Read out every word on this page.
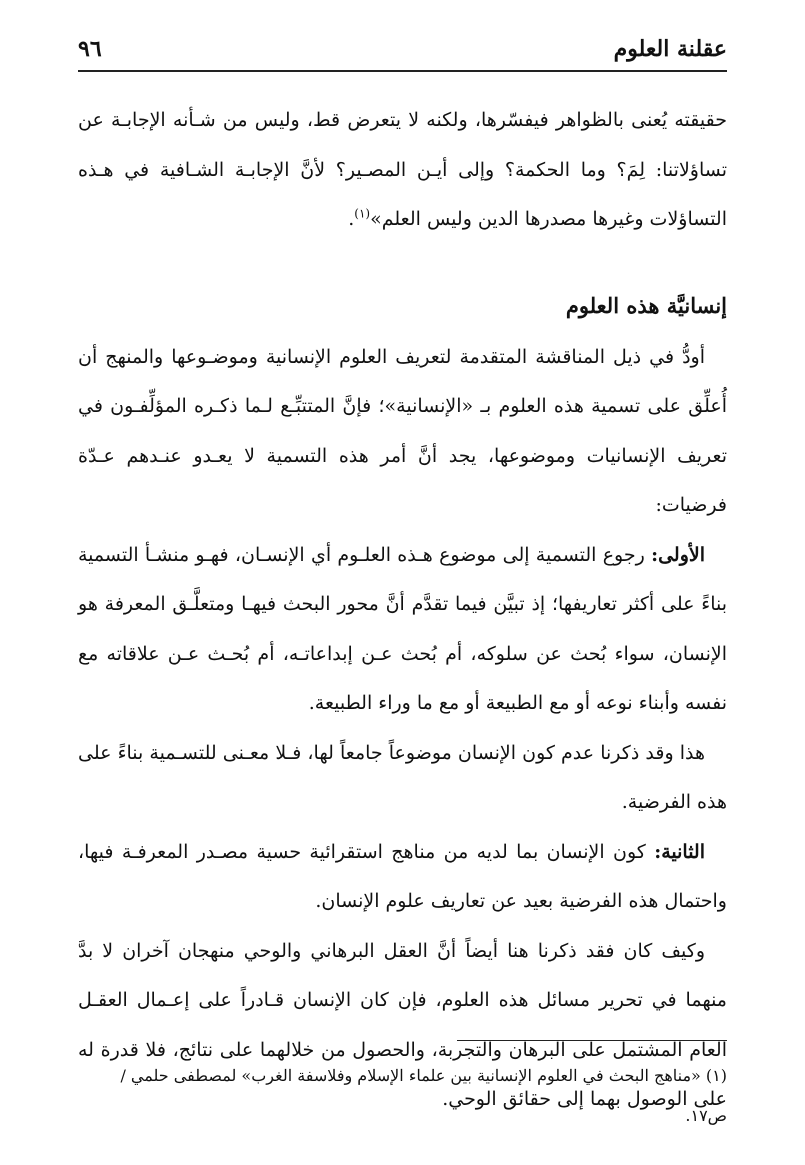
عقلنة العلوم
٩٦

حقيقته يُعنى بالظواهر فيفسّرها، ولكنه لا يتعرض قط، وليس من شـأنه الإجابـة عن تساؤلاتنا: لِمَ؟ وما الحكمة؟ وإلى أيـن المصـير؟ لأنَّ الإجابـة الشـافية في هـذه التساؤلات وغيرها مصدرها الدين وليس العلم»$^{(١)}$.

إنسانيَّة هذه العلوم

أودُّ في ذيل المناقشة المتقدمة لتعريف العلوم الإنسانية وموضـوعها والمنهج أن أُعلِّق على تسمية هذه العلوم بـ «الإنسانية»؛ فإنَّ المتتبِّـع لـما ذكـره المؤلِّفـون في تعريف الإنسانيات وموضوعها، يجد أنَّ أمر هذه التسمية لا يعـدو عنـدهم عـدّة فرضيات:

الأولى: رجوع التسمية إلى موضوع هـذه العلـوم أي الإنسـان، فهـو منشـأ التسمية بناءً على أكثر تعاريفها؛ إذ تبيَّن فيما تقدَّم أنَّ محور البحث فيهـا ومتعلَّـق المعرفة هو الإنسان، سواء بُحث عن سلوكه، أم بُحث عـن إبداعاتـه، أم بُحـث عـن علاقاته مع نفسه وأبناء نوعه أو مع الطبيعة أو مع ما وراء الطبيعة.

هذا وقد ذكرنا عدم كون الإنسان موضوعاً جامعاً لها، فـلا معـنى للتسـمية بناءً على هذه الفرضية.

الثانية: كون الإنسان بما لديه من مناهج استقرائية حسية مصـدر المعرفـة فيها، واحتمال هذه الفرضية بعيد عن تعاريف علوم الإنسان.

وكيف كان فقد ذكرنا هنا أيضاً أنَّ العقل البرهاني والوحي منهجان آخران لا بدَّ منهما في تحرير مسائل هذه العلوم، فإن كان الإنسان قـادراً على إعـمال العقـل العام المشتمل على البرهان والتجربة، والحصول من خلالهما على نتائج، فلا قدرة له على الوصول بهما إلى حقائق الوحي.

(١) «مناهج البحث في العلوم الإنسانية بين علماء الإسلام وفلاسفة الغرب» لمصطفى حلمي / ص١٧.
